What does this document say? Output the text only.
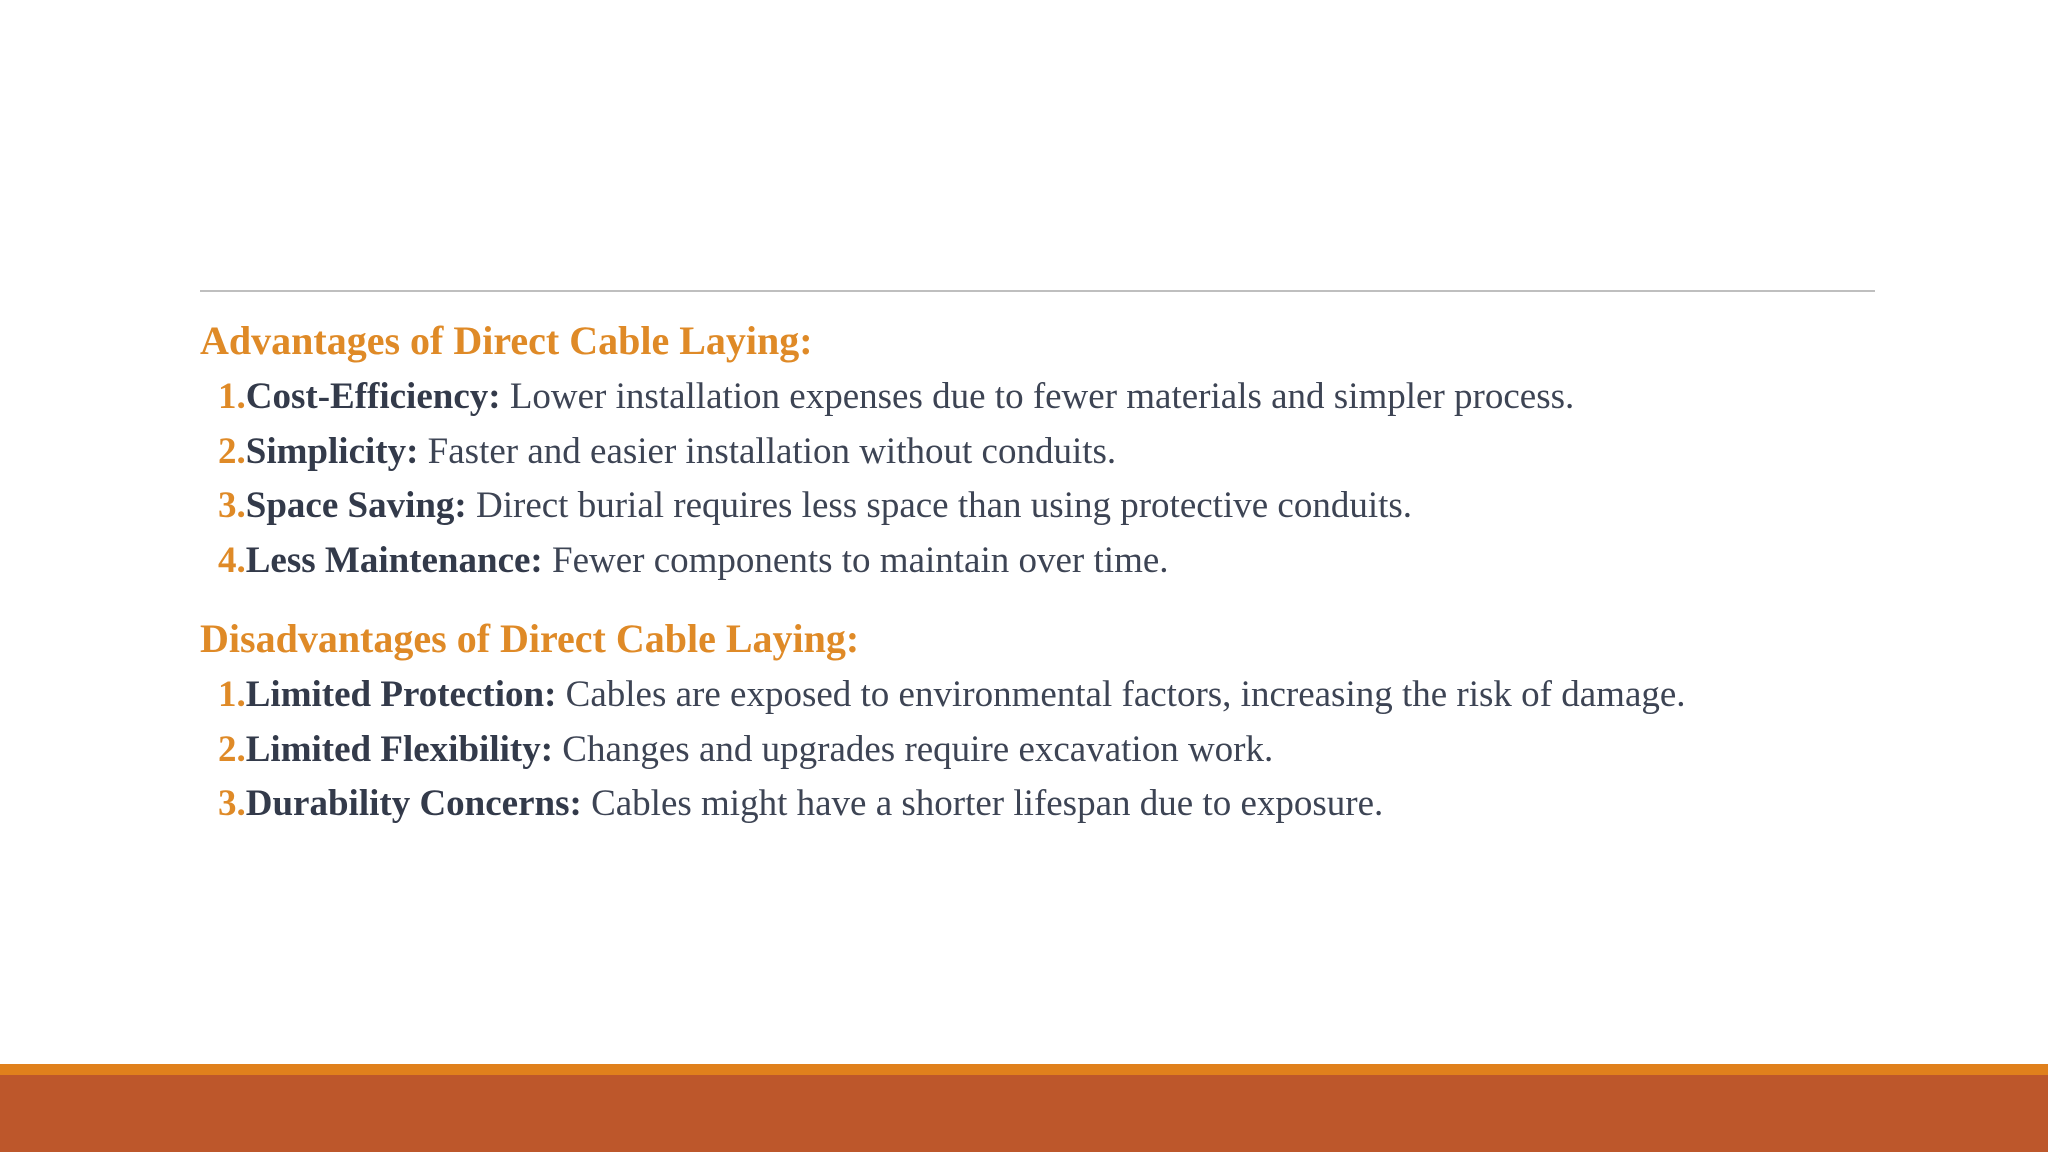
Advantages of Direct Cable Laying:
1.Cost-Efficiency: Lower installation expenses due to fewer materials and simpler process.
2.Simplicity: Faster and easier installation without conduits.
3.Space Saving: Direct burial requires less space than using protective conduits.
4.Less Maintenance: Fewer components to maintain over time.
Disadvantages of Direct Cable Laying:
1.Limited Protection: Cables are exposed to environmental factors, increasing the risk of damage.
2.Limited Flexibility: Changes and upgrades require excavation work.
3.Durability Concerns: Cables might have a shorter lifespan due to exposure.
